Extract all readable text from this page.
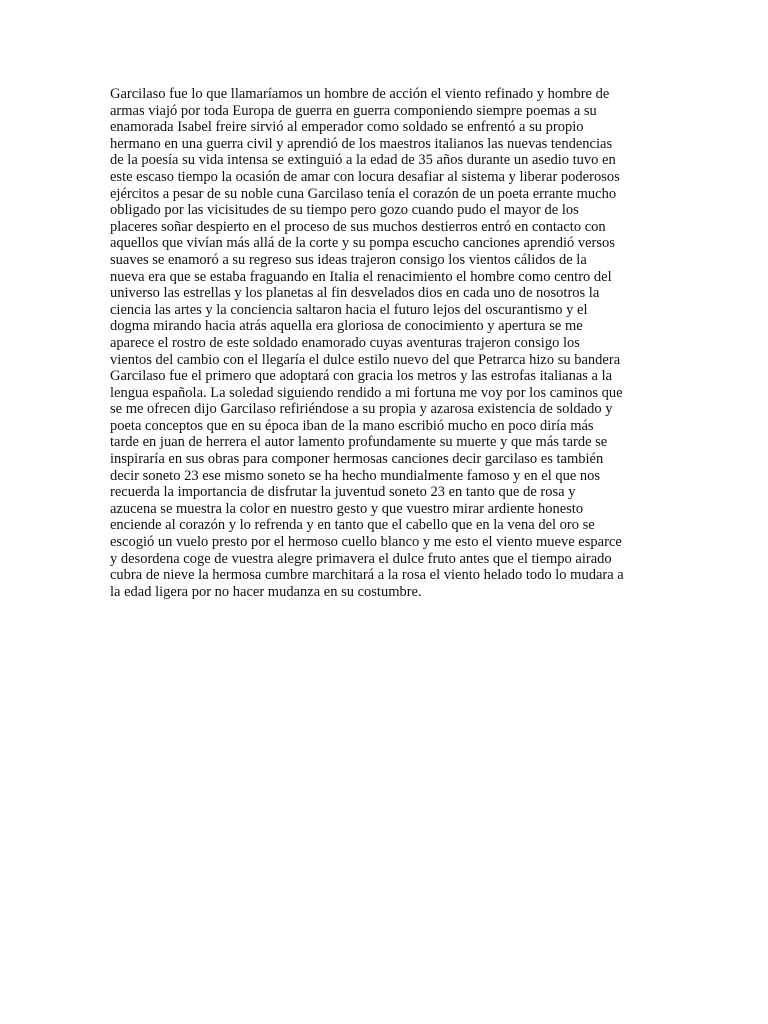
Garcilaso fue lo que llamaríamos un hombre de acción el viento refinado y hombre de
armas viajó por toda Europa de guerra en guerra componiendo siempre poemas a su
enamorada Isabel freire sirvió al emperador como soldado se enfrentó a su propio
hermano en una guerra civil y aprendió de los maestros italianos las nuevas tendencias
de la poesía su vida intensa se extinguió a la edad de 35 años durante un asedio tuvo en
este escaso tiempo la ocasión de amar con locura desafiar al sistema y liberar poderosos
ejércitos a pesar de su noble cuna Garcilaso tenía el corazón de un poeta errante mucho
obligado por las vicisitudes de su tiempo pero gozo cuando pudo el mayor de los
placeres soñar despierto en el proceso de sus muchos destierros entró en contacto con
aquellos que vivían más allá de la corte y su pompa escucho canciones aprendió versos
suaves se enamoró a su regreso sus ideas trajeron consigo los vientos cálidos de la
nueva era que se estaba fraguando en Italia el renacimiento el hombre como centro del
universo las estrellas y los planetas al fin desvelados dios en cada uno de nosotros la
ciencia las artes y la conciencia saltaron hacia el futuro lejos del oscurantismo y el
dogma mirando hacia atrás aquella era gloriosa de conocimiento y apertura se me
aparece el rostro de este soldado enamorado cuyas aventuras trajeron consigo los
vientos del cambio con el llegaría el dulce estilo nuevo del que Petrarca hizo su bandera
Garcilaso fue el primero que adoptará con gracia los metros y las estrofas italianas a la
lengua española. La soledad siguiendo rendido a mi fortuna me voy por los caminos que
se me ofrecen dijo Garcilaso refiriéndose a su propia y azarosa existencia de soldado y
poeta conceptos que en su época iban de la mano escribió mucho en poco diría más
tarde en juan de herrera el autor lamento profundamente su muerte y que más tarde se
inspiraría en sus obras para componer hermosas canciones decir garcilaso es también
decir soneto 23 ese mismo soneto se ha hecho mundialmente famoso y en el que nos
recuerda la importancia de disfrutar la juventud soneto 23 en tanto que de rosa y
azucena se muestra la color en nuestro gesto y que vuestro mirar ardiente honesto
enciende al corazón y lo refrenda y en tanto que el cabello que en la vena del oro se
escogió un vuelo presto por el hermoso cuello blanco y me esto el viento mueve esparce
y desordena coge de vuestra alegre primavera el dulce fruto antes que el tiempo airado
cubra de nieve la hermosa cumbre marchitará a la rosa el viento helado todo lo mudara a
la edad ligera por no hacer mudanza en su costumbre.
